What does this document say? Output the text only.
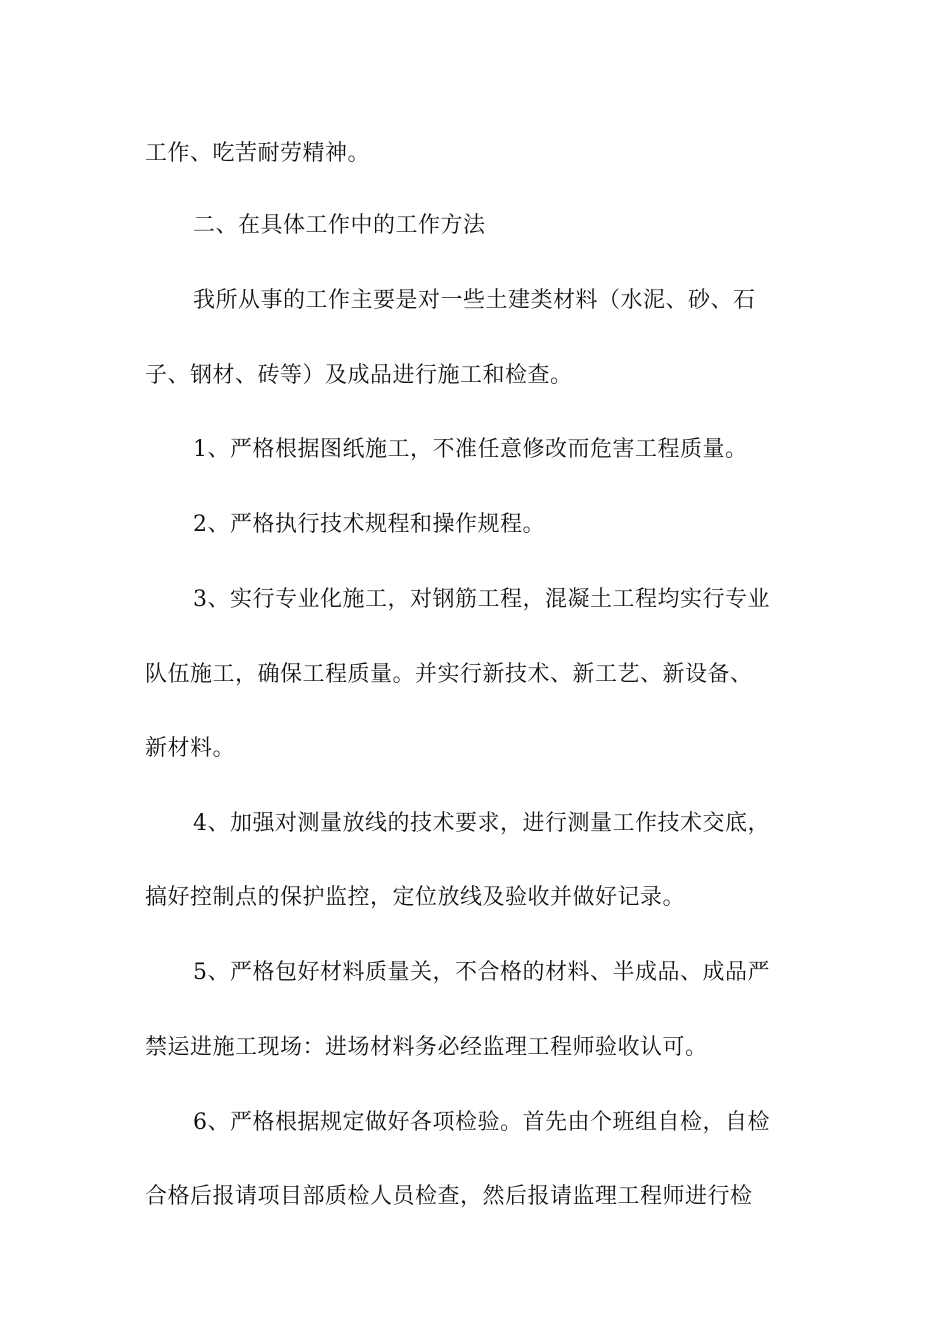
工作、吃苦耐劳精神。
二、在具体工作中的工作方法
我所从事的工作主要是对一些土建类材料（水泥、砂、石
子、钢材、砖等）及成品进行施工和检查。
1、严格根据图纸施工，不准任意修改而危害工程质量。
2、严格执行技术规程和操作规程。
3、实行专业化施工，对钢筋工程，混凝土工程均实行专业
队伍施工，确保工程质量。并实行新技术、新工艺、新设备、
新材料。
4、加强对测量放线的技术要求，进行测量工作技术交底，
搞好控制点的保护监控，定位放线及验收并做好记录。
5、严格包好材料质量关，不合格的材料、半成品、成品严
禁运进施工现场：进场材料务必经监理工程师验收认可。
6、严格根据规定做好各项检验。首先由个班组自检，自检
合格后报请项目部质检人员检查，然后报请监理工程师进行检
